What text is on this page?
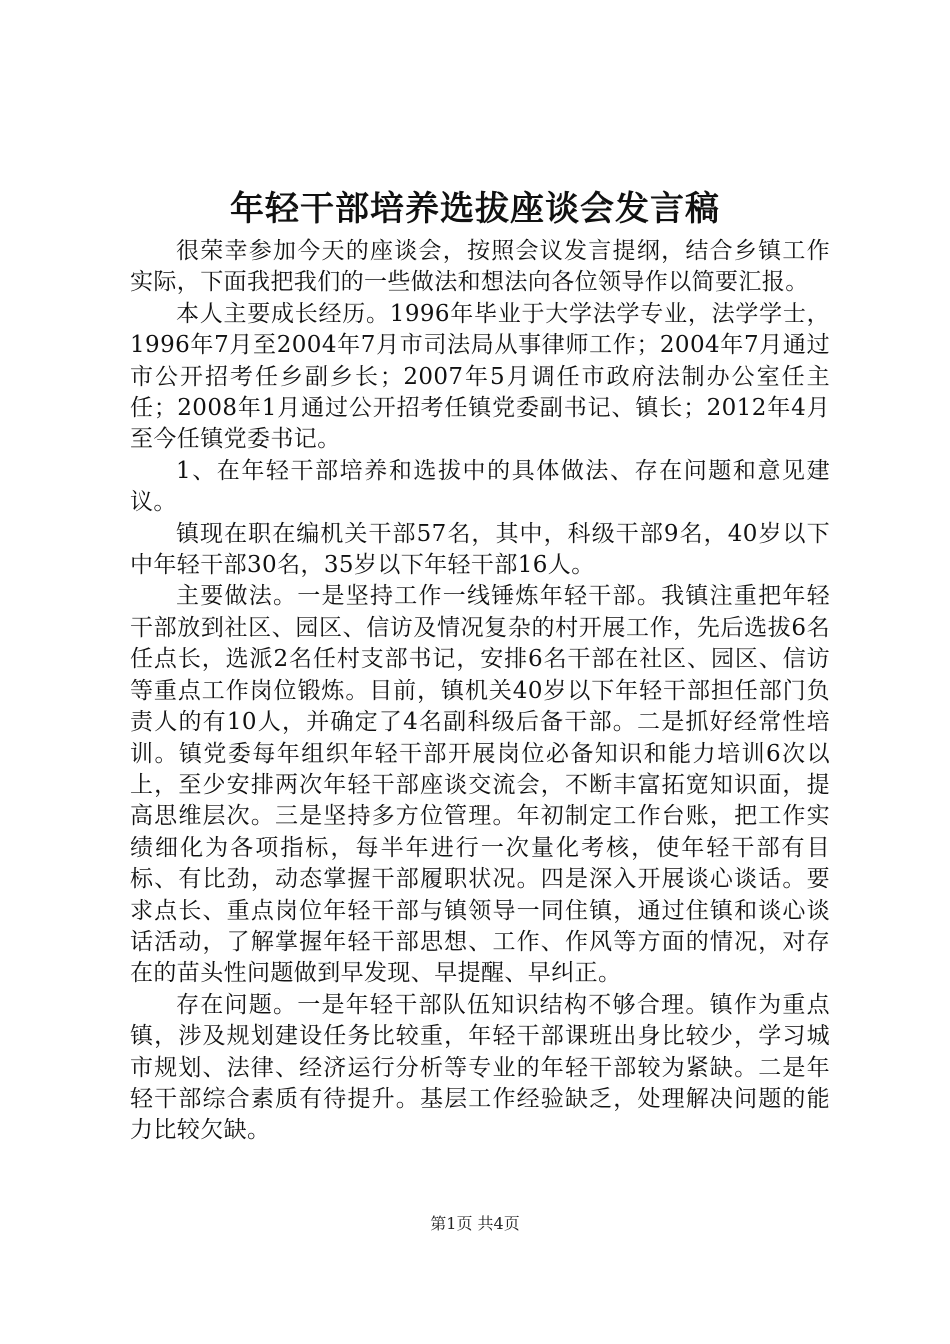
年轻干部培养选拔座谈会发言稿

很荣幸参加今天的座谈会，按照会议发言提纲，结合乡镇工作实际，下面我把我们的一些做法和想法向各位领导作以简要汇报。

本人主要成长经历。1996年毕业于大学法学专业，法学学士，1996年7月至2004年7月市司法局从事律师工作；2004年7月通过市公开招考任乡副乡长；2007年5月调任市政府法制办公室任主任；2008年1月通过公开招考任镇党委副书记、镇长；2012年4月至今任镇党委书记。

1、在年轻干部培养和选拔中的具体做法、存在问题和意见建议。

镇现在职在编机关干部57名，其中，科级干部9名，40岁以下中年轻干部30名，35岁以下年轻干部16人。

主要做法。一是坚持工作一线锤炼年轻干部。我镇注重把年轻干部放到社区、园区、信访及情况复杂的村开展工作，先后选拔6名任点长，选派2名任村支部书记，安排6名干部在社区、园区、信访等重点工作岗位锻炼。目前，镇机关40岁以下年轻干部担任部门负责人的有10人，并确定了4名副科级后备干部。二是抓好经常性培训。镇党委每年组织年轻干部开展岗位必备知识和能力培训6次以上，至少安排两次年轻干部座谈交流会，不断丰富拓宽知识面，提高思维层次。三是坚持多方位管理。年初制定工作台账，把工作实绩细化为各项指标，每半年进行一次量化考核，使年轻干部有目标、有比劲，动态掌握干部履职状况。四是深入开展谈心谈话。要求点长、重点岗位年轻干部与镇领导一同住镇，通过住镇和谈心谈话活动，了解掌握年轻干部思想、工作、作风等方面的情况，对存在的苗头性问题做到早发现、早提醒、早纠正。

存在问题。一是年轻干部队伍知识结构不够合理。镇作为重点镇，涉及规划建设任务比较重，年轻干部课班出身比较少，学习城市规划、法律、经济运行分析等专业的年轻干部较为紧缺。二是年轻干部综合素质有待提升。基层工作经验缺乏，处理解决问题的能力比较欠缺。

第1页 共4页
